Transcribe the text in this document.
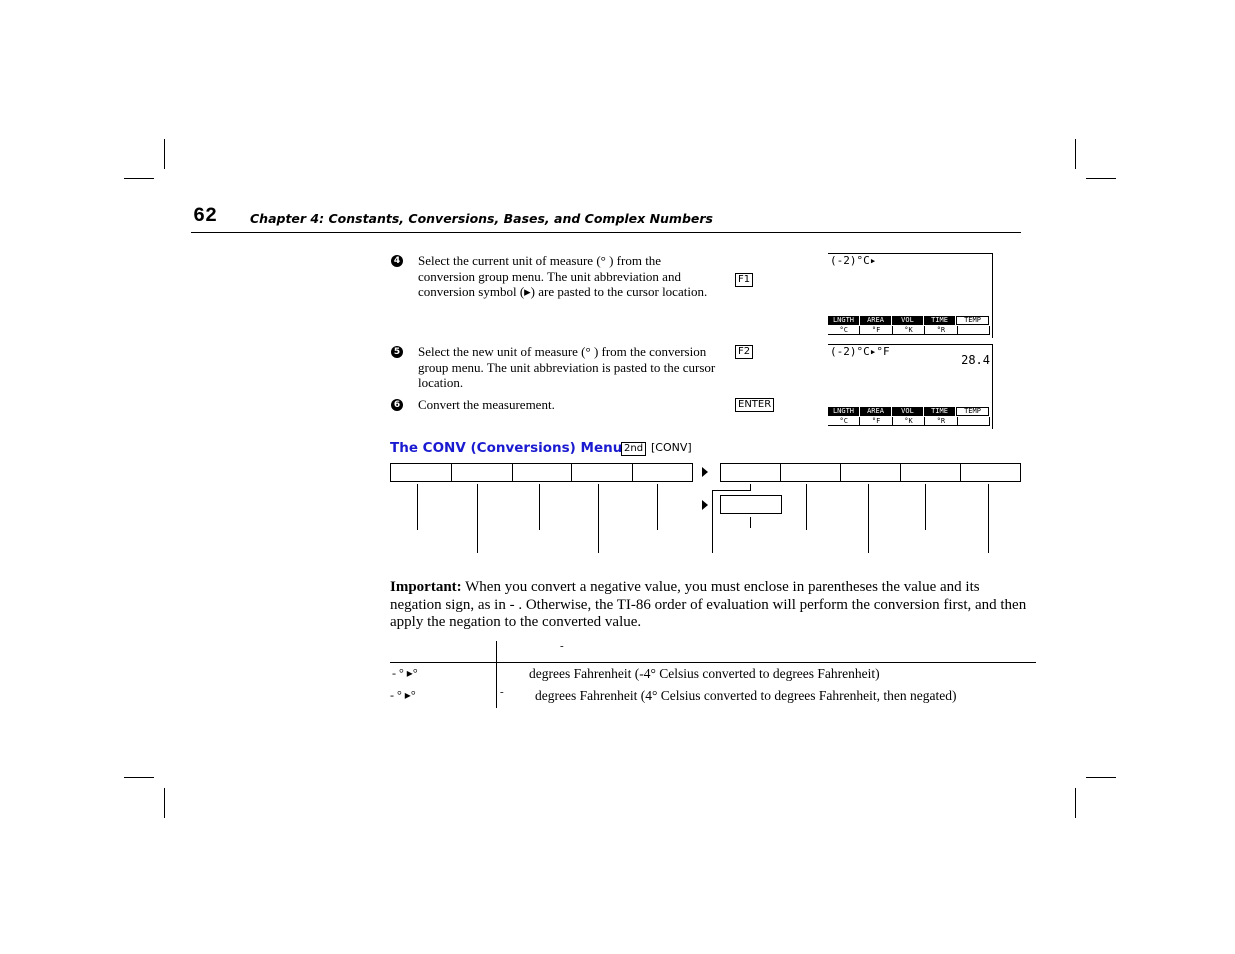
62	Chapter 4: Constants, Conversions, Bases, and Complex Numbers
4 Select the current unit of measure (° ) from the conversion group menu. The unit abbreviation and conversion symbol (▸) are pasted to the cursor location.
F1
5 Select the new unit of measure (° ) from the conversion group menu. The unit abbreviation is pasted to the cursor location.
F2
6 Convert the measurement.	ENTER
(-2)°C▸
LNGTH	AREA	VOL	TIME	TEMP
°C	°F	°K	°R
(-2)°C▸°F
28.4
LNGTH	AREA	VOL	TIME	TEMP
°C	°F	°K	°R
The CONV (Conversions) Menu 2nd [CONV]
Important: When you convert a negative value, you must enclose in parentheses the value and its negation sign, as in - . Otherwise, the TI-86 order of evaluation will perform the conversion first, and then apply the negation to the converted value.
-
- ° ▸°	degrees Fahrenheit (-4° Celsius converted to degrees Fahrenheit)
- ° ▸°	- degrees Fahrenheit (4° Celsius converted to degrees Fahrenheit, then negated)
